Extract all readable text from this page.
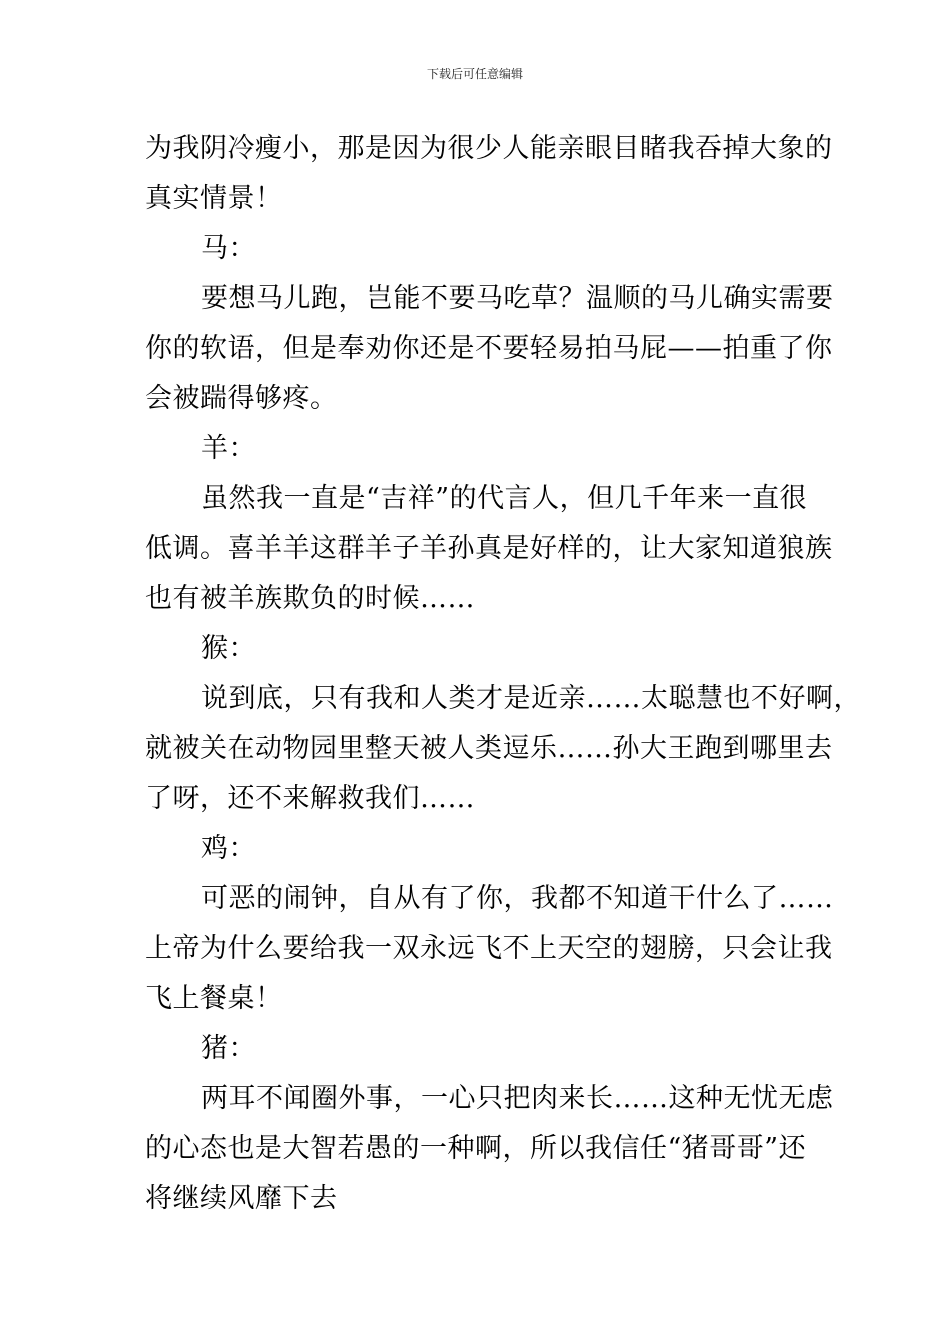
下载后可任意编辑
为我阴冷瘦小，那是因为很少人能亲眼目睹我吞掉大象的
真实情景！
马：
要想马儿跑，岂能不要马吃草？温顺的马儿确实需要
你的软语，但是奉劝你还是不要轻易拍马屁——拍重了你
会被踹得够疼。
羊：
虽然我一直是“吉祥”的代言人，但几千年来一直很
低调。喜羊羊这群羊子羊孙真是好样的，让大家知道狼族
也有被羊族欺负的时候……
猴：
说到底，只有我和人类才是近亲……太聪慧也不好啊，
就被关在动物园里整天被人类逗乐……孙大王跑到哪里去
了呀，还不来解救我们……
鸡：
可恶的闹钟，自从有了你，我都不知道干什么了……
上帝为什么要给我一双永远飞不上天空的翅膀，只会让我
飞上餐桌！
猪：
两耳不闻圈外事，一心只把肉来长……这种无忧无虑
的心态也是大智若愚的一种啊，所以我信任“猪哥哥”还
将继续风靡下去
